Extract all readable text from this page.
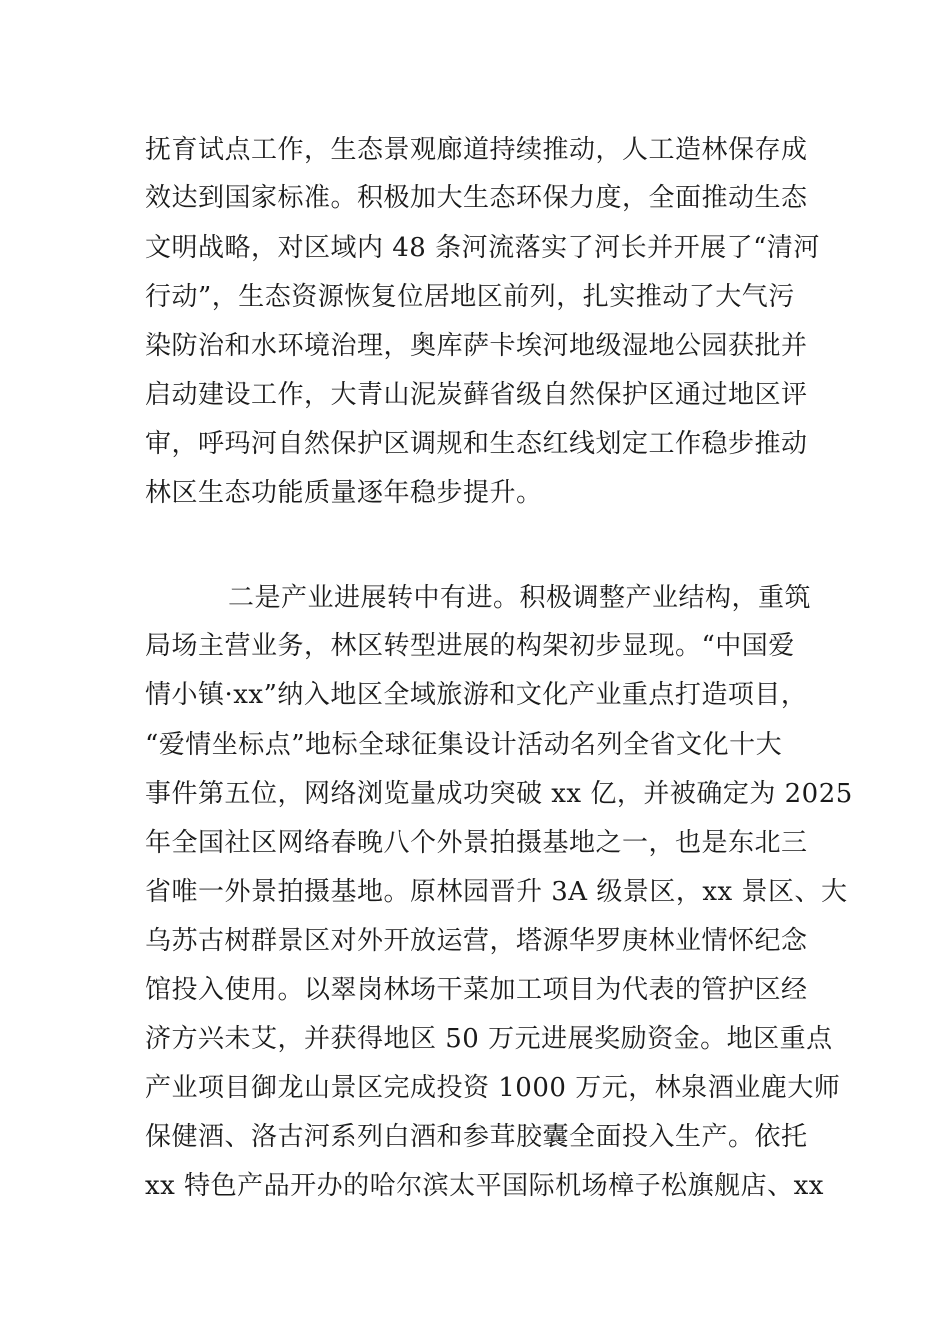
抚育试点工作，生态景观廊道持续推动，人工造林保存成
效达到国家标准。积极加大生态环保力度，全面推动生态
文明战略，对区域内 48 条河流落实了河长并开展了“清河
行动”，生态资源恢复位居地区前列，扎实推动了大气污
染防治和水环境治理，奥库萨卡埃河地级湿地公园获批并
启动建设工作，大青山泥炭藓省级自然保护区通过地区评
审，呼玛河自然保护区调规和生态红线划定工作稳步推动
林区生态功能质量逐年稳步提升。
二是产业进展转中有进。积极调整产业结构，重筑
局场主营业务，林区转型进展的构架初步显现。“中国爱
情小镇·xx”纳入地区全域旅游和文化产业重点打造项目，
“爱情坐标点”地标全球征集设计活动名列全省文化十大
事件第五位，网络浏览量成功突破 xx 亿，并被确定为 2025
年全国社区网络春晚八个外景拍摄基地之一，也是东北三
省唯一外景拍摄基地。原林园晋升 3A 级景区，xx 景区、大
乌苏古树群景区对外开放运营，塔源华罗庚林业情怀纪念
馆投入使用。以翠岗林场干菜加工项目为代表的管护区经
济方兴未艾，并获得地区 50 万元进展奖励资金。地区重点
产业项目御龙山景区完成投资 1000 万元，林泉酒业鹿大师
保健酒、洛古河系列白酒和参茸胶囊全面投入生产。依托
xx 特色产品开办的哈尔滨太平国际机场樟子松旗舰店、xx
